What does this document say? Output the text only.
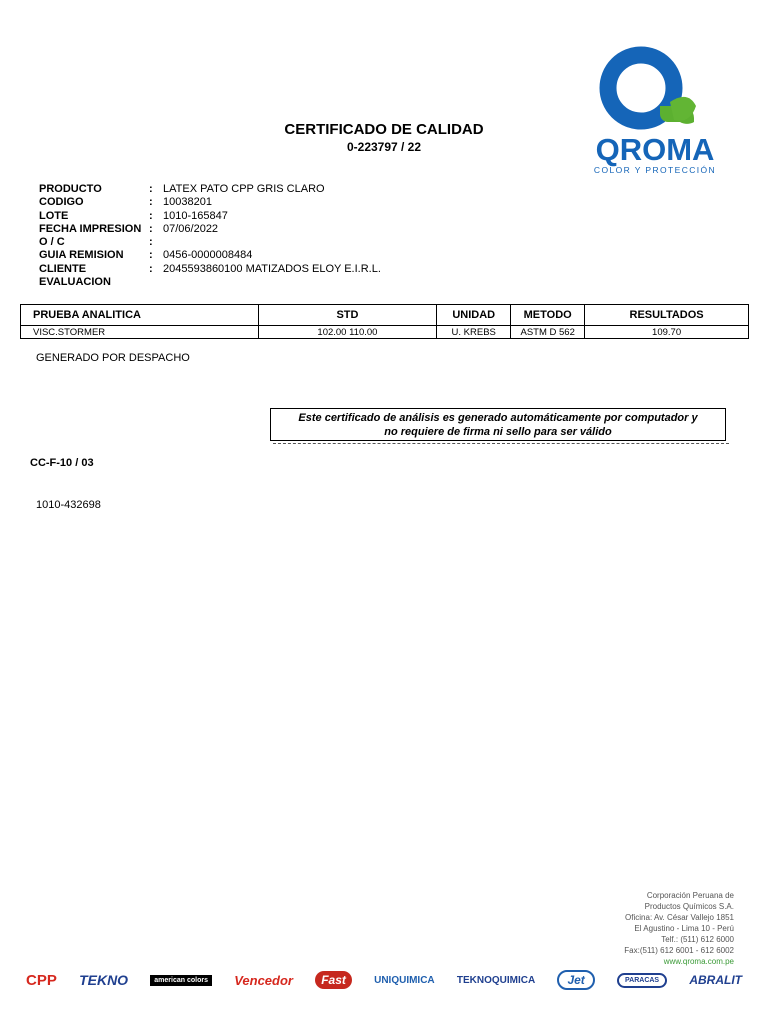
CERTIFICADO DE CALIDAD
0-223797 / 22	QROMA
COLOR Y PROTECCIÓN
PRODUCTO	: LATEX PATO CPP GRIS CLARO
CODIGO	: 10038201
LOTE	: 1010-165847
FECHA IMPRESION : 07/06/2022
O / C	:
GUIA REMISION	: 0456-0000008484
CLIENTE	: 2045593860100 MATIZADOS ELOY E.I.R.L.
EVALUACION
PRUEBA ANALITICA	STD	UNIDAD	METODO	RESULTADOS
VISC.STORMER	102.00 110.00	U. KREBS	ASTM D 562	109.70
GENERADO POR DESPACHO
Este certificado de análisis es generado automáticamente por computador y
no requiere de firma ni sello para ser válido
CC-F-10 / 03
1010-432698
Corporación Peruana de
Productos Químicos S.A.
Oficina: Av. César Vallejo 1851
El Agustino - Lima 10 - Perú
Telf.: (511) 612 6000
Fax:(511) 612 6001 - 612 6002
www.qroma.com.pe
CPP TEKNO	american colors	Vencedor	Fast	UNIQUIMICA TEKNOQUIMICA	Jet	PARACAS	ABRALIT
